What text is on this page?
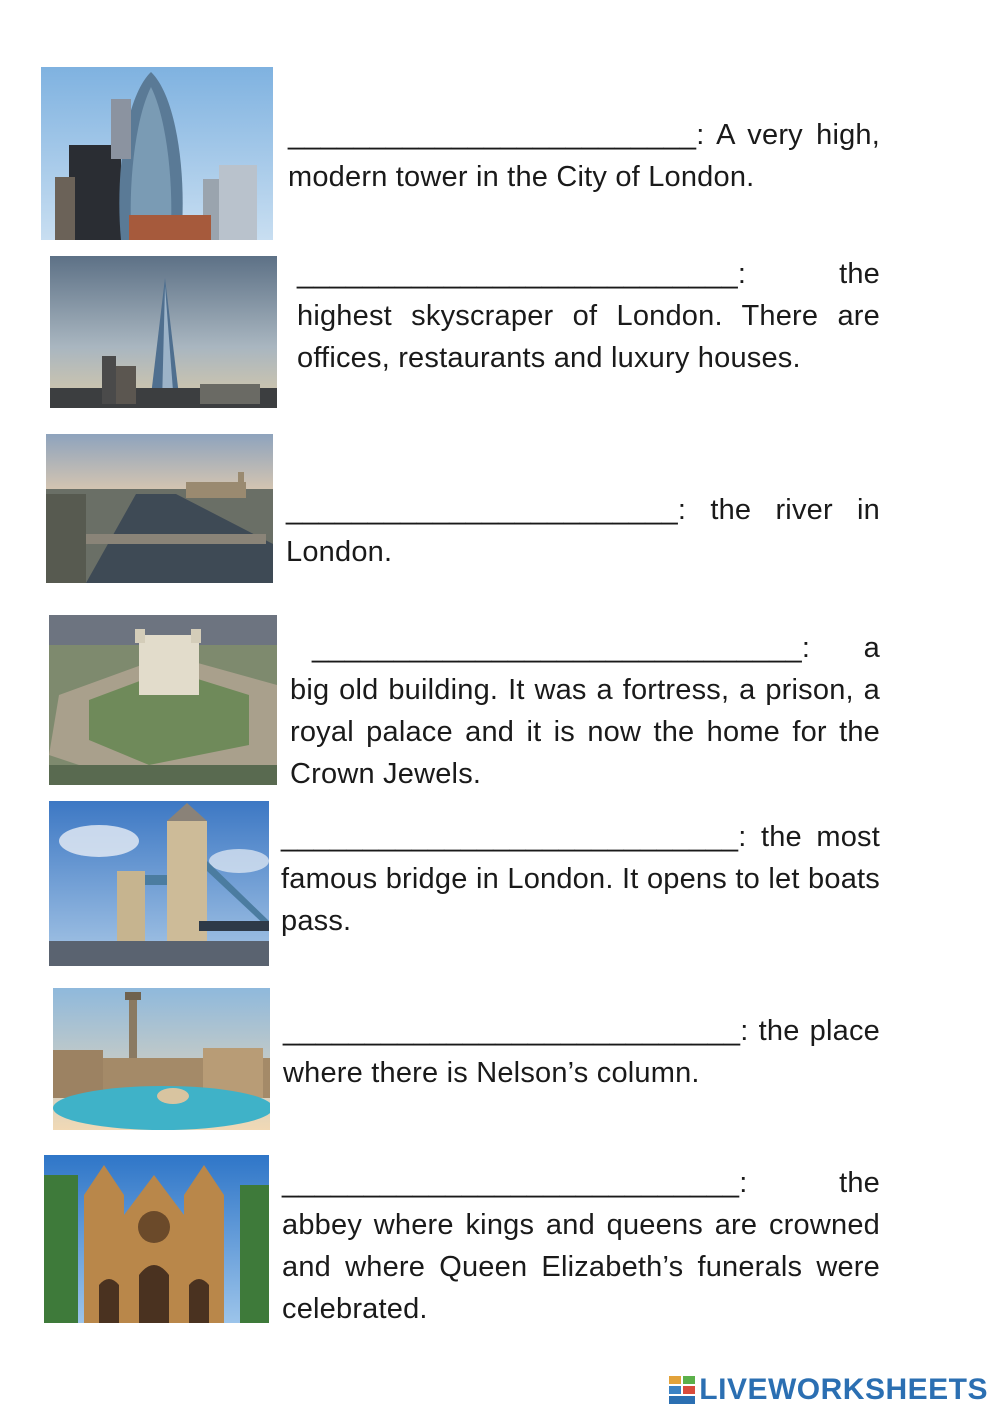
_________________________: A very high, modern tower in the City of London.
___________________________: the highest skyscraper of London. There are offices, restaurants and luxury houses.
________________________: the river in London.
______________________________: a big old building. It was a fortress, a prison, a royal palace and it is now the home for the Crown Jewels.
____________________________: the most famous bridge in London. It opens to let boats pass.
____________________________: the place where there is Nelson’s column.
____________________________: the abbey where kings and queens are crowned and where Queen Elizabeth’s funerals were celebrated.
LIVEWORKSHEETS
